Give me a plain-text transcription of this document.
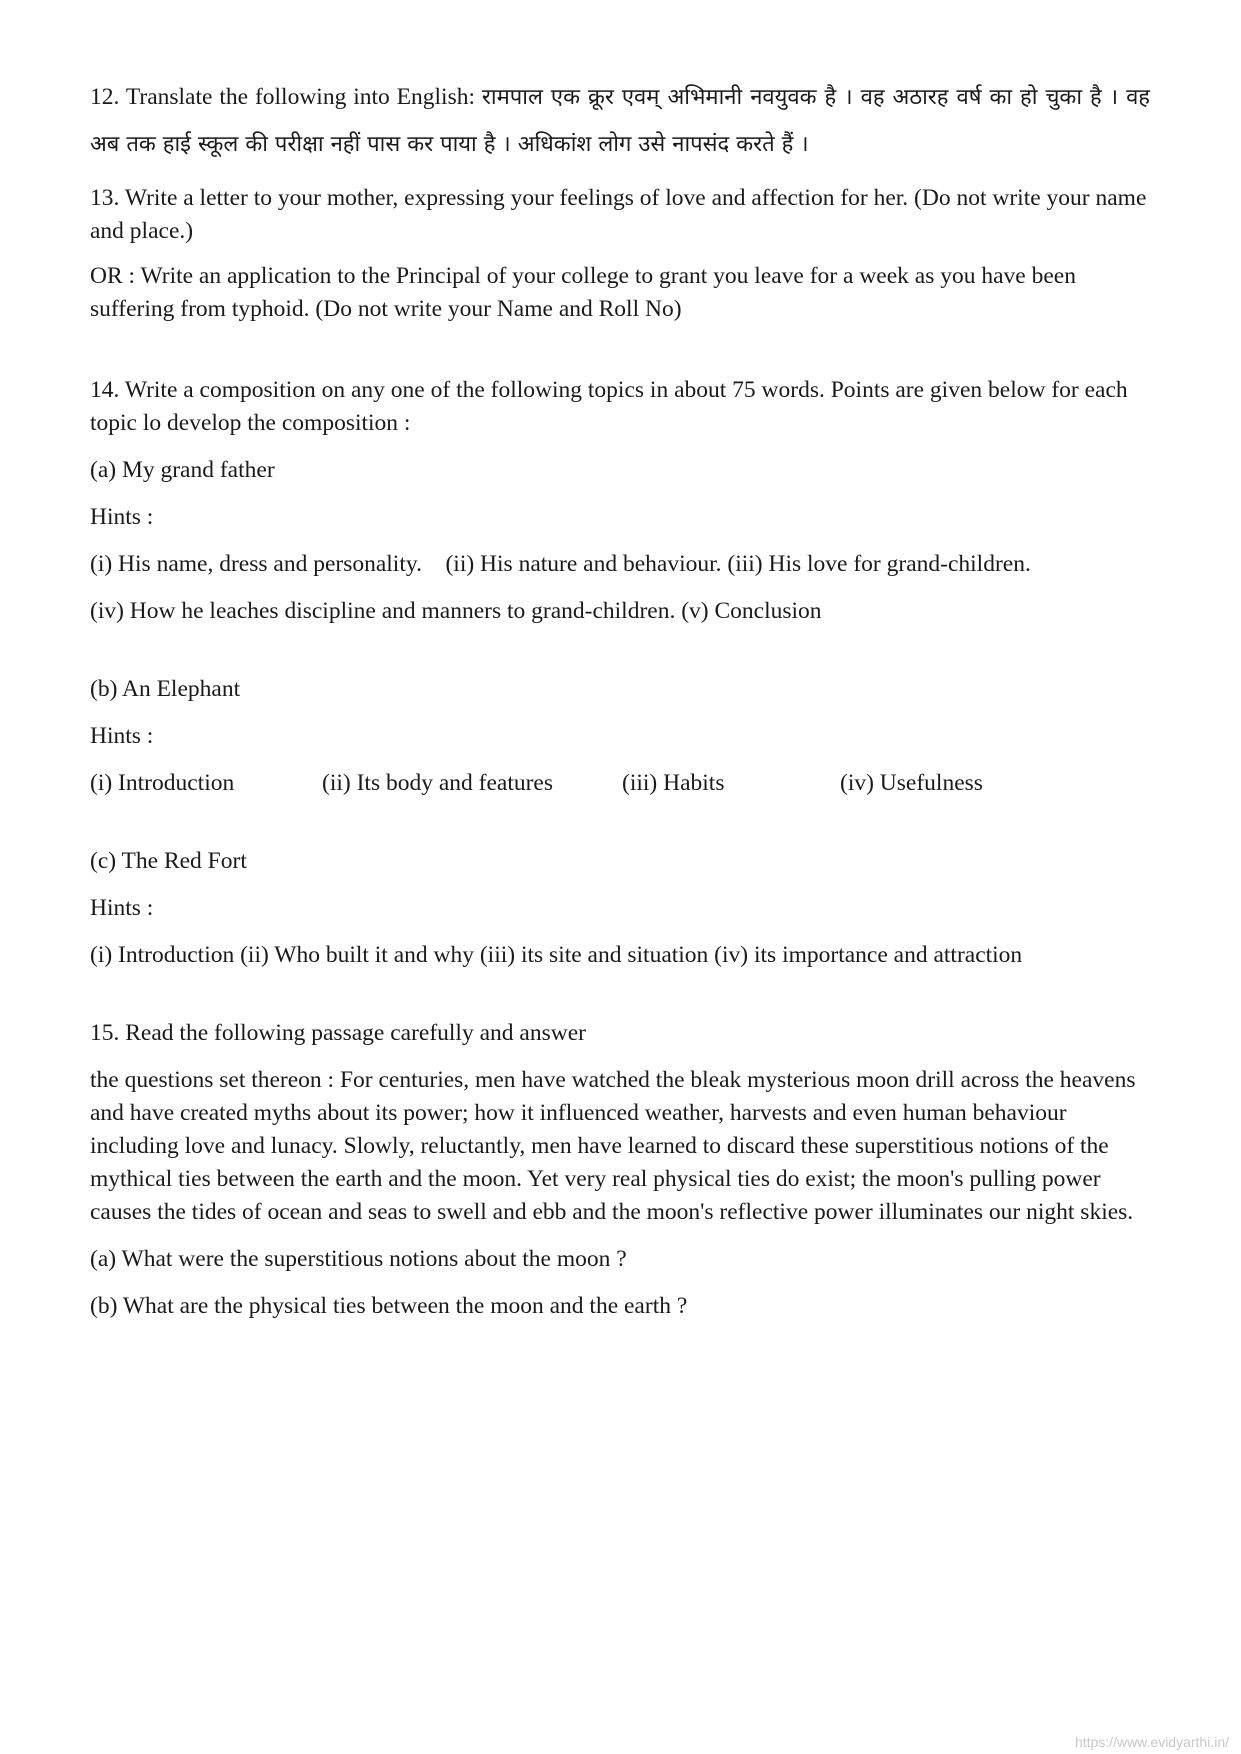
12. Translate the following into English: रामपाल एक क्रूर एवम् अभिमानी नवयुवक है । वह अठारह वर्ष का हो चुका है । वह अब तक हाई स्कूल की परीक्षा नहीं पास कर पाया है । अधिकांश लोग उसे नापसंद करते हैं ।

13. Write a letter to your mother, expressing your feelings of love and affection for her. (Do not write your name and place.)

OR : Write an application to the Principal of your college to grant you leave for a week as you have been suffering from typhoid. (Do not write your Name and Roll No)

14. Write a composition on any one of the following topics in about 75 words. Points are given below for each topic lo develop the composition :

(a) My grand father

Hints :

(i) His name, dress and personality.    (ii) His nature and behaviour. (iii) His love for grand-children.

(iv) How he leaches discipline and manners to grand-children. (v) Conclusion

(b) An Elephant

Hints :

(i) Introduction	(ii) Its body and features	(iii) Habits	(iv) Usefulness

(c) The Red Fort

Hints :

(i) Introduction (ii) Who built it and why (iii) its site and situation (iv) its importance and attraction

15. Read the following passage carefully and answer

the questions set thereon : For centuries, men have watched the bleak mysterious moon drill across the heavens and have created myths about its power; how it influenced weather, harvests and even human behaviour including love and lunacy. Slowly, reluctantly, men have learned to discard these superstitious notions of the mythical ties between the earth and the moon. Yet very real physical ties do exist; the moon's pulling power causes the tides of ocean and seas to swell and ebb and the moon's reflective power illuminates our night skies.

(a) What were the superstitious notions about the moon ?

(b) What are the physical ties between the moon and the earth ?

https://www.evidyarthi.in/
